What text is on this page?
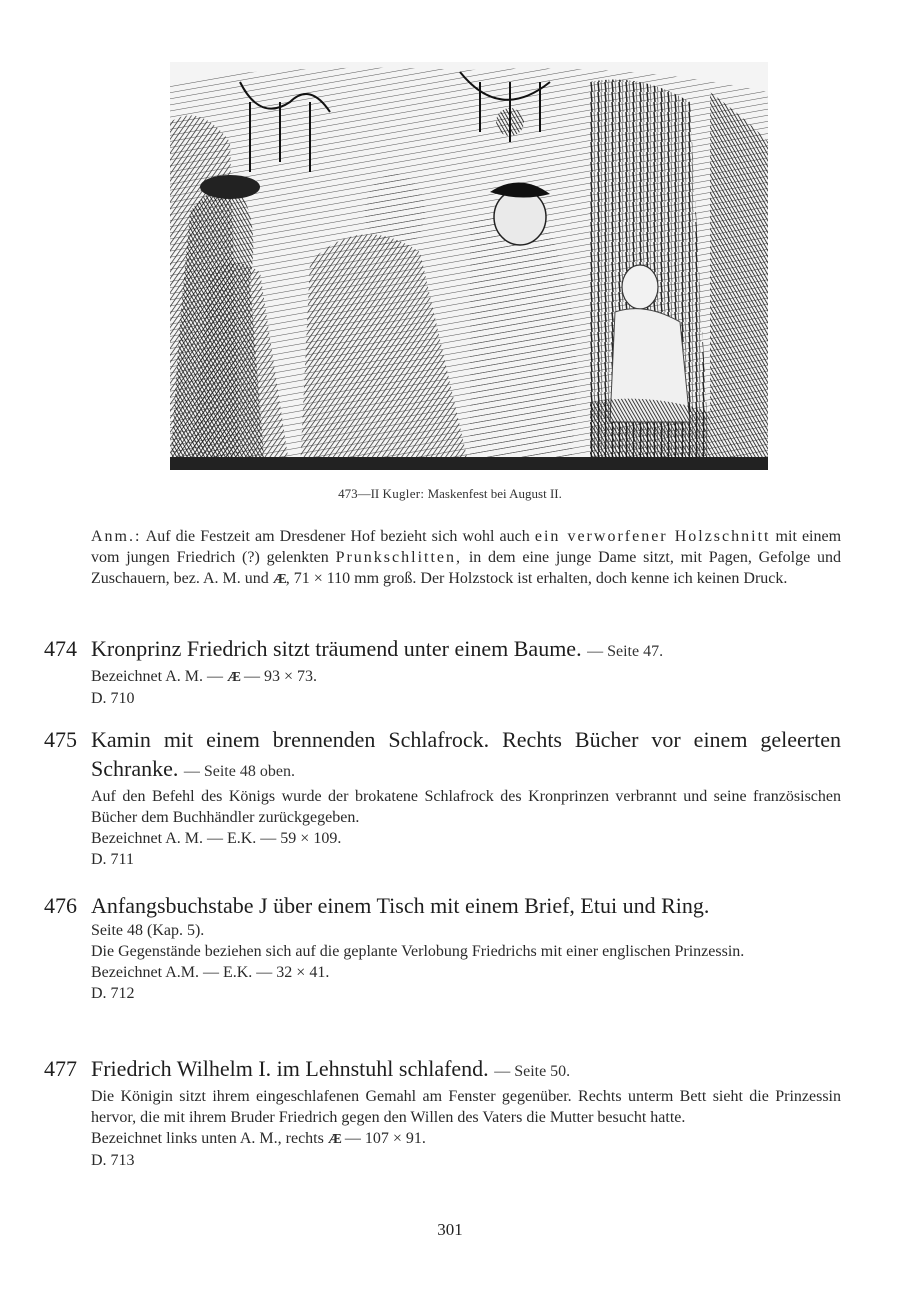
473—II Kugler: Maskenfest bei August II.
Anm.: Auf die Festzeit am Dresdener Hof bezieht sich wohl auch ein verworfener Holzschnitt mit einem vom jungen Friedrich (?) gelenkten Prunkschlitten, in dem eine junge Dame sitzt, mit Pagen, Gefolge und Zuschauern, bez. A. M. und Æ, 71 × 110 mm groß. Der Holzstock ist erhalten, doch kenne ich keinen Druck.
474 Kronprinz Friedrich sitzt träumend unter einem Baume. — Seite 47.
Bezeichnet A. M. — Æ — 93 × 73.
D. 710
475 Kamin mit einem brennenden Schlafrock. Rechts Bücher vor einem geleerten Schranke. — Seite 48 oben.
Auf den Befehl des Königs wurde der brokatene Schlafrock des Kronprinzen verbrannt und seine französischen Bücher dem Buchhändler zurückgegeben.
Bezeichnet A. M. — E.K. — 59 × 109.
D. 711
476 Anfangsbuchstabe J über einem Tisch mit einem Brief, Etui und Ring.
Seite 48 (Kap. 5).
Die Gegenstände beziehen sich auf die geplante Verlobung Friedrichs mit einer englischen Prinzessin.
Bezeichnet A.M. — E.K. — 32 × 41.
D. 712
477 Friedrich Wilhelm I. im Lehnstuhl schlafend. — Seite 50.
Die Königin sitzt ihrem eingeschlafenen Gemahl am Fenster gegenüber. Rechts unterm Bett sieht die Prinzessin hervor, die mit ihrem Bruder Friedrich gegen den Willen des Vaters die Mutter besucht hatte.
Bezeichnet links unten A. M., rechts Æ — 107 × 91.
D. 713
301
